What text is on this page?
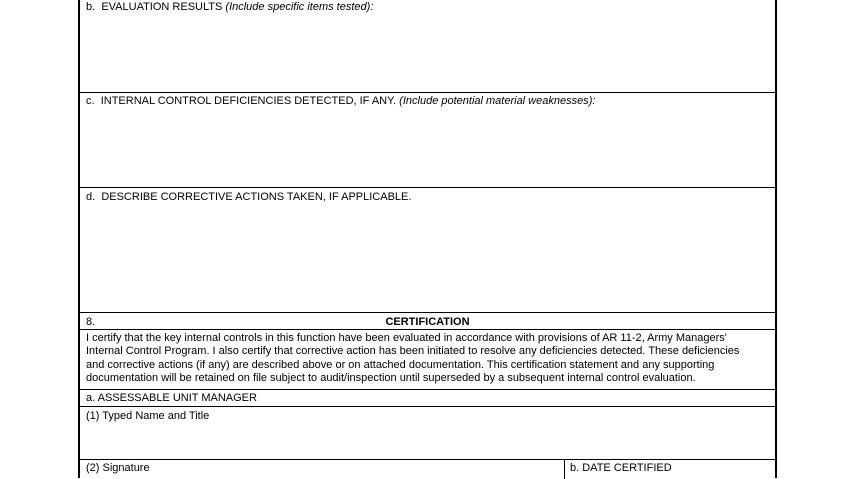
b. EVALUATION RESULTS (Include specific items tested):
c. INTERNAL CONTROL DEFICIENCIES DETECTED, IF ANY. (Include potential material weaknesses):
d. DESCRIBE CORRECTIVE ACTIONS TAKEN, IF APPLICABLE.
8.	CERTIFICATION
I certify that the key internal controls in this function have been evaluated in accordance with provisions of AR 11-2, Army Managers' Internal Control Program. I also certify that corrective action has been initiated to resolve any deficiencies detected. These deficiencies and corrective actions (if any) are described above or on attached documentation. This certification statement and any supporting documentation will be retained on file subject to audit/inspection until superseded by a subsequent internal control evaluation.
a. ASSESSABLE UNIT MANAGER
(1) Typed Name and Title
(2) Signature	b. DATE CERTIFIED
